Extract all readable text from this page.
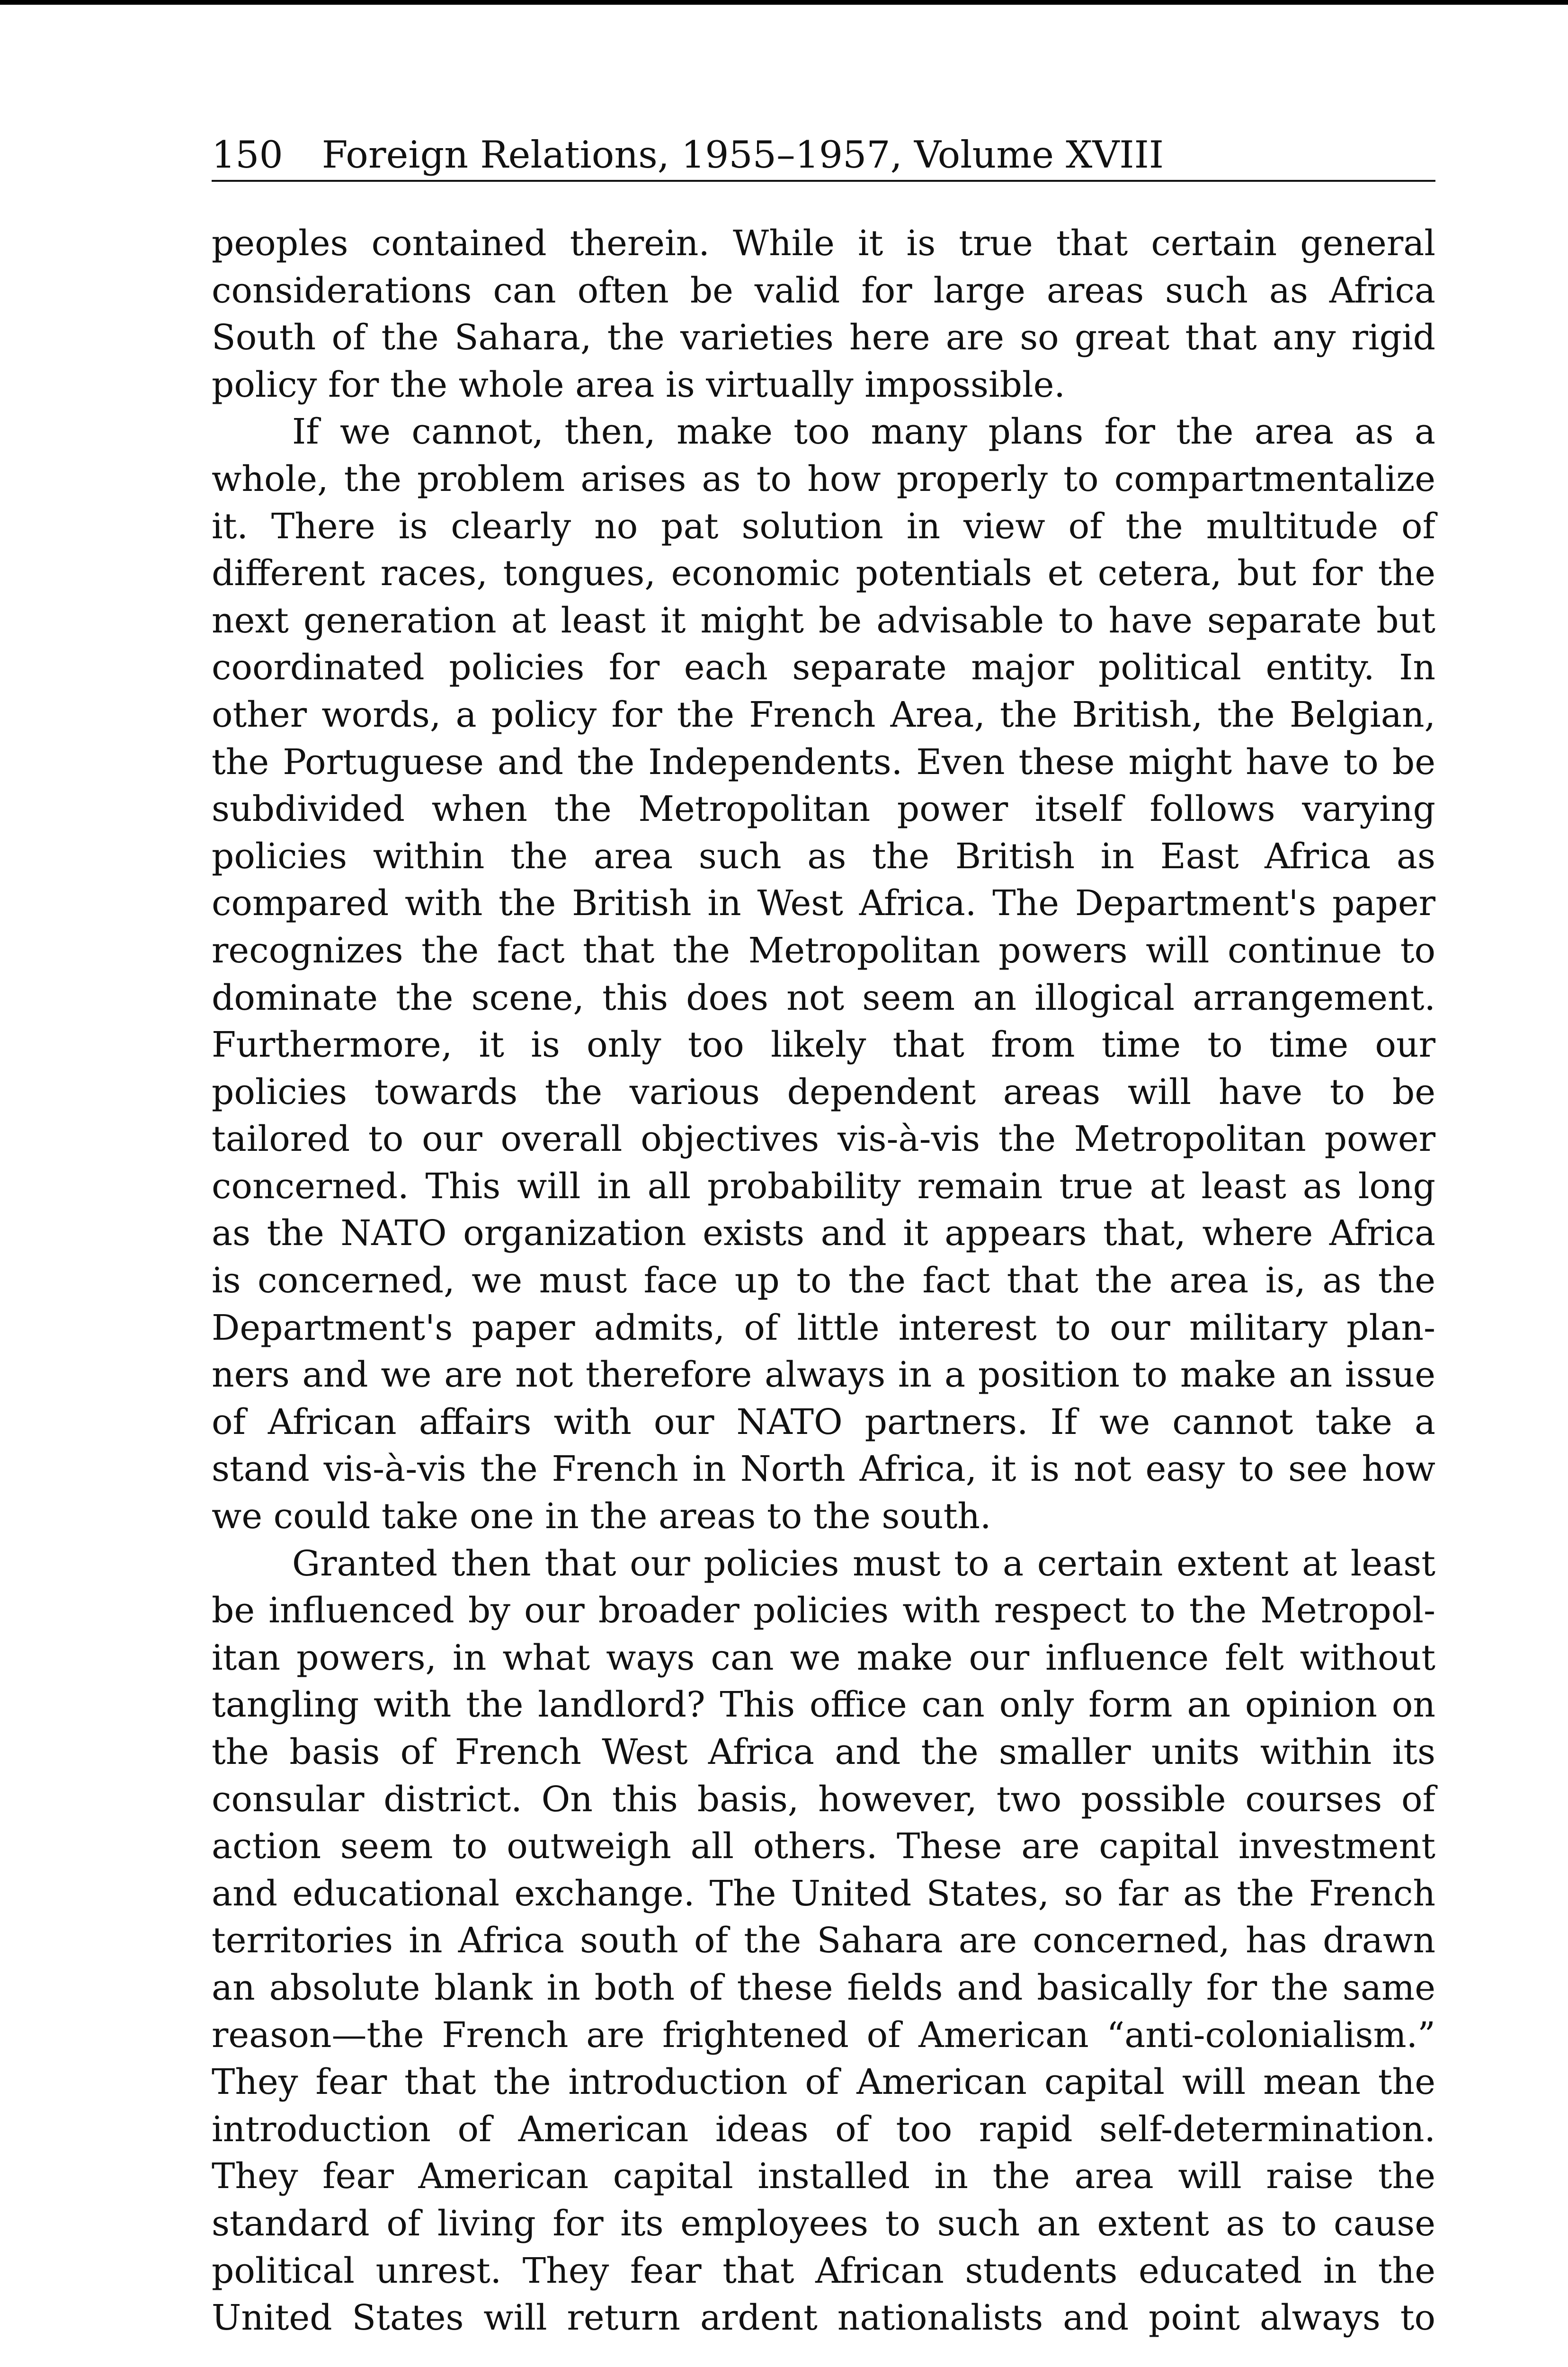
150 Foreign Relations, 1955–1957, Volume XVIII
peoples contained therein. While it is true that certain general
considerations can often be valid for large areas such as Africa
South of the Sahara, the varieties here are so great that any rigid
policy for the whole area is virtually impossible.
If we cannot, then, make too many plans for the area as a
whole, the problem arises as to how properly to compartmentalize
it. There is clearly no pat solution in view of the multitude of
different races, tongues, economic potentials et cetera, but for the
next generation at least it might be advisable to have separate but
coordinated policies for each separate major political entity. In
other words, a policy for the French Area, the British, the Belgian,
the Portuguese and the Independents. Even these might have to be
subdivided when the Metropolitan power itself follows varying
policies within the area such as the British in East Africa as
compared with the British in West Africa. The Department's paper
recognizes the fact that the Metropolitan powers will continue to
dominate the scene, this does not seem an illogical arrangement.
Furthermore, it is only too likely that from time to time our
policies towards the various dependent areas will have to be
tailored to our overall objectives vis-à-vis the Metropolitan power
concerned. This will in all probability remain true at least as long
as the NATO organization exists and it appears that, where Africa
is concerned, we must face up to the fact that the area is, as the
Department's paper admits, of little interest to our military plan-
ners and we are not therefore always in a position to make an issue
of African affairs with our NATO partners. If we cannot take a
stand vis-à-vis the French in North Africa, it is not easy to see how
we could take one in the areas to the south.
Granted then that our policies must to a certain extent at least
be influenced by our broader policies with respect to the Metropol-
itan powers, in what ways can we make our influence felt without
tangling with the landlord? This office can only form an opinion on
the basis of French West Africa and the smaller units within its
consular district. On this basis, however, two possible courses of
action seem to outweigh all others. These are capital investment
and educational exchange. The United States, so far as the French
territories in Africa south of the Sahara are concerned, has drawn
an absolute blank in both of these fields and basically for the same
reason—the French are frightened of American “anti-colonialism.”
They fear that the introduction of American capital will mean the
introduction of American ideas of too rapid self-determination.
They fear American capital installed in the area will raise the
standard of living for its employees to such an extent as to cause
political unrest. They fear that African students educated in the
United States will return ardent nationalists and point always to
